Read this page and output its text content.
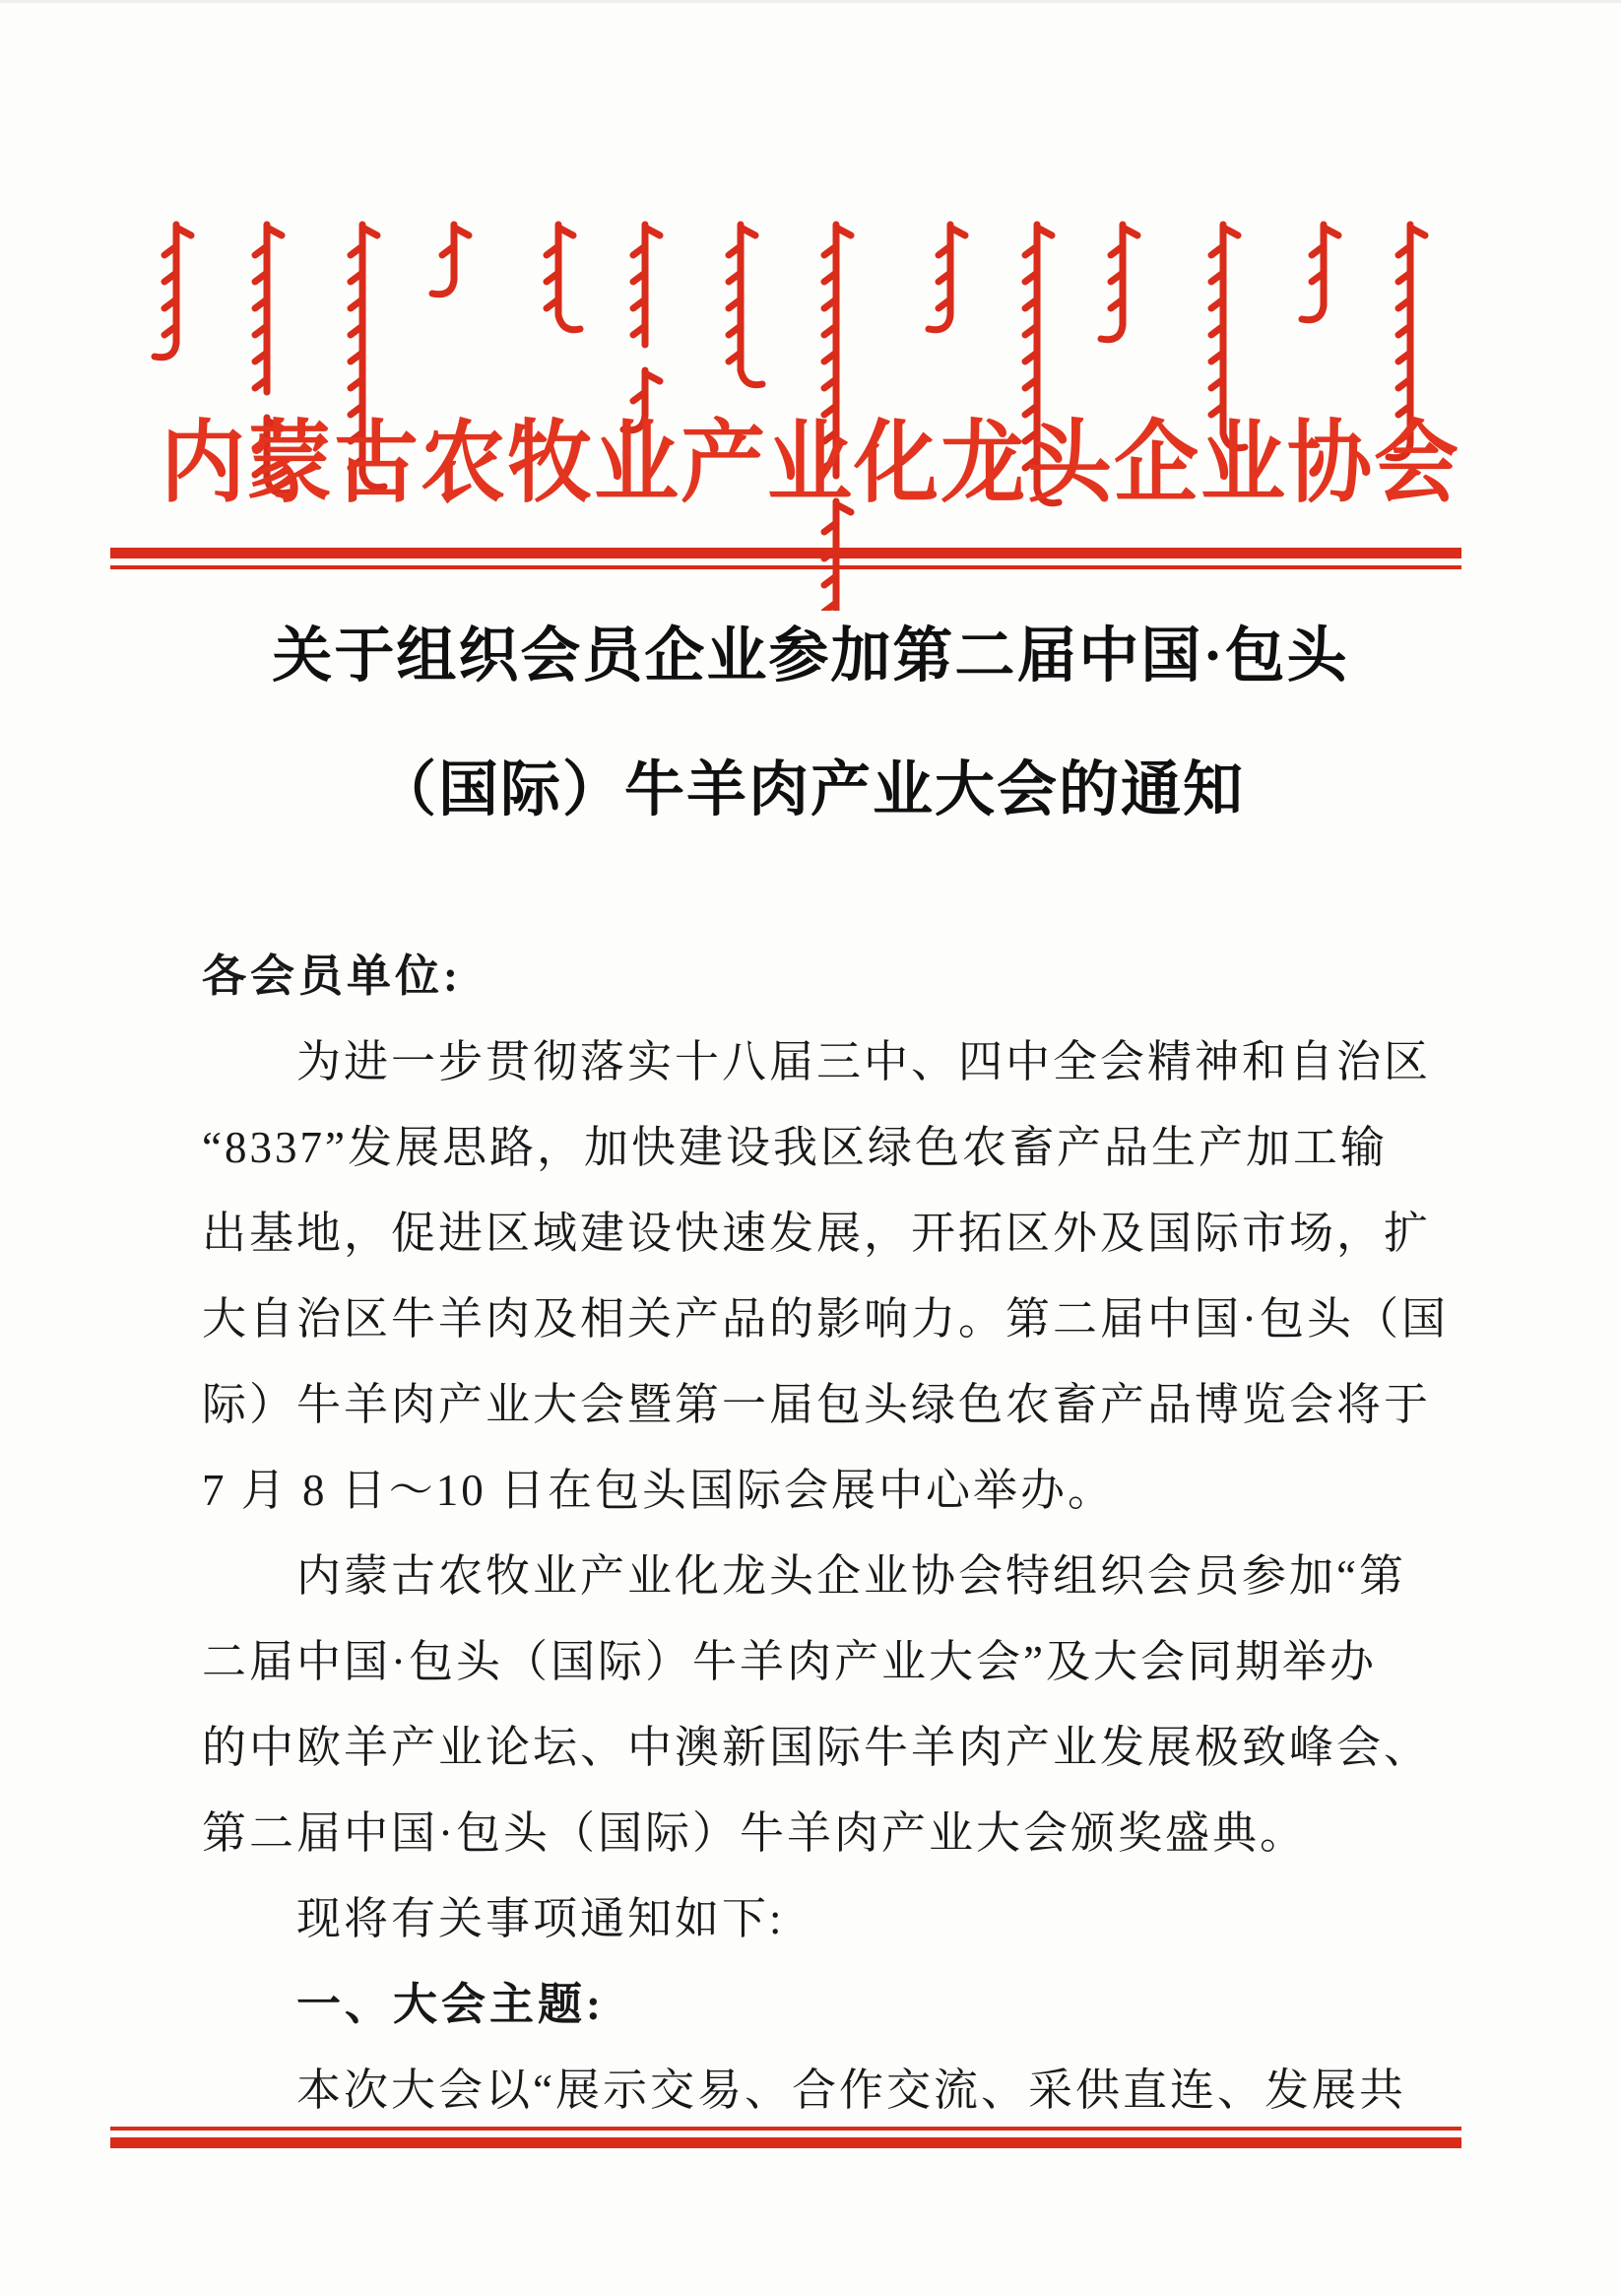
内蒙古农牧业产业化龙头企业协会
关于组织会员企业参加第二届中国·包头
（国际）牛羊肉产业大会的通知
各会员单位:
为进一步贯彻落实十八届三中、四中全会精神和自治区
“8337”发展思路，加快建设我区绿色农畜产品生产加工输
出基地，促进区域建设快速发展，开拓区外及国际市场，扩
大自治区牛羊肉及相关产品的影响力。第二届中国·包头（国
际）牛羊肉产业大会暨第一届包头绿色农畜产品博览会将于
7 月 8 日～10 日在包头国际会展中心举办。
内蒙古农牧业产业化龙头企业协会特组织会员参加“第
二届中国·包头（国际）牛羊肉产业大会”及大会同期举办
的中欧羊产业论坛、中澳新国际牛羊肉产业发展极致峰会、
第二届中国·包头（国际）牛羊肉产业大会颁奖盛典。
现将有关事项通知如下:
一、大会主题:
本次大会以“展示交易、合作交流、采供直连、发展共
